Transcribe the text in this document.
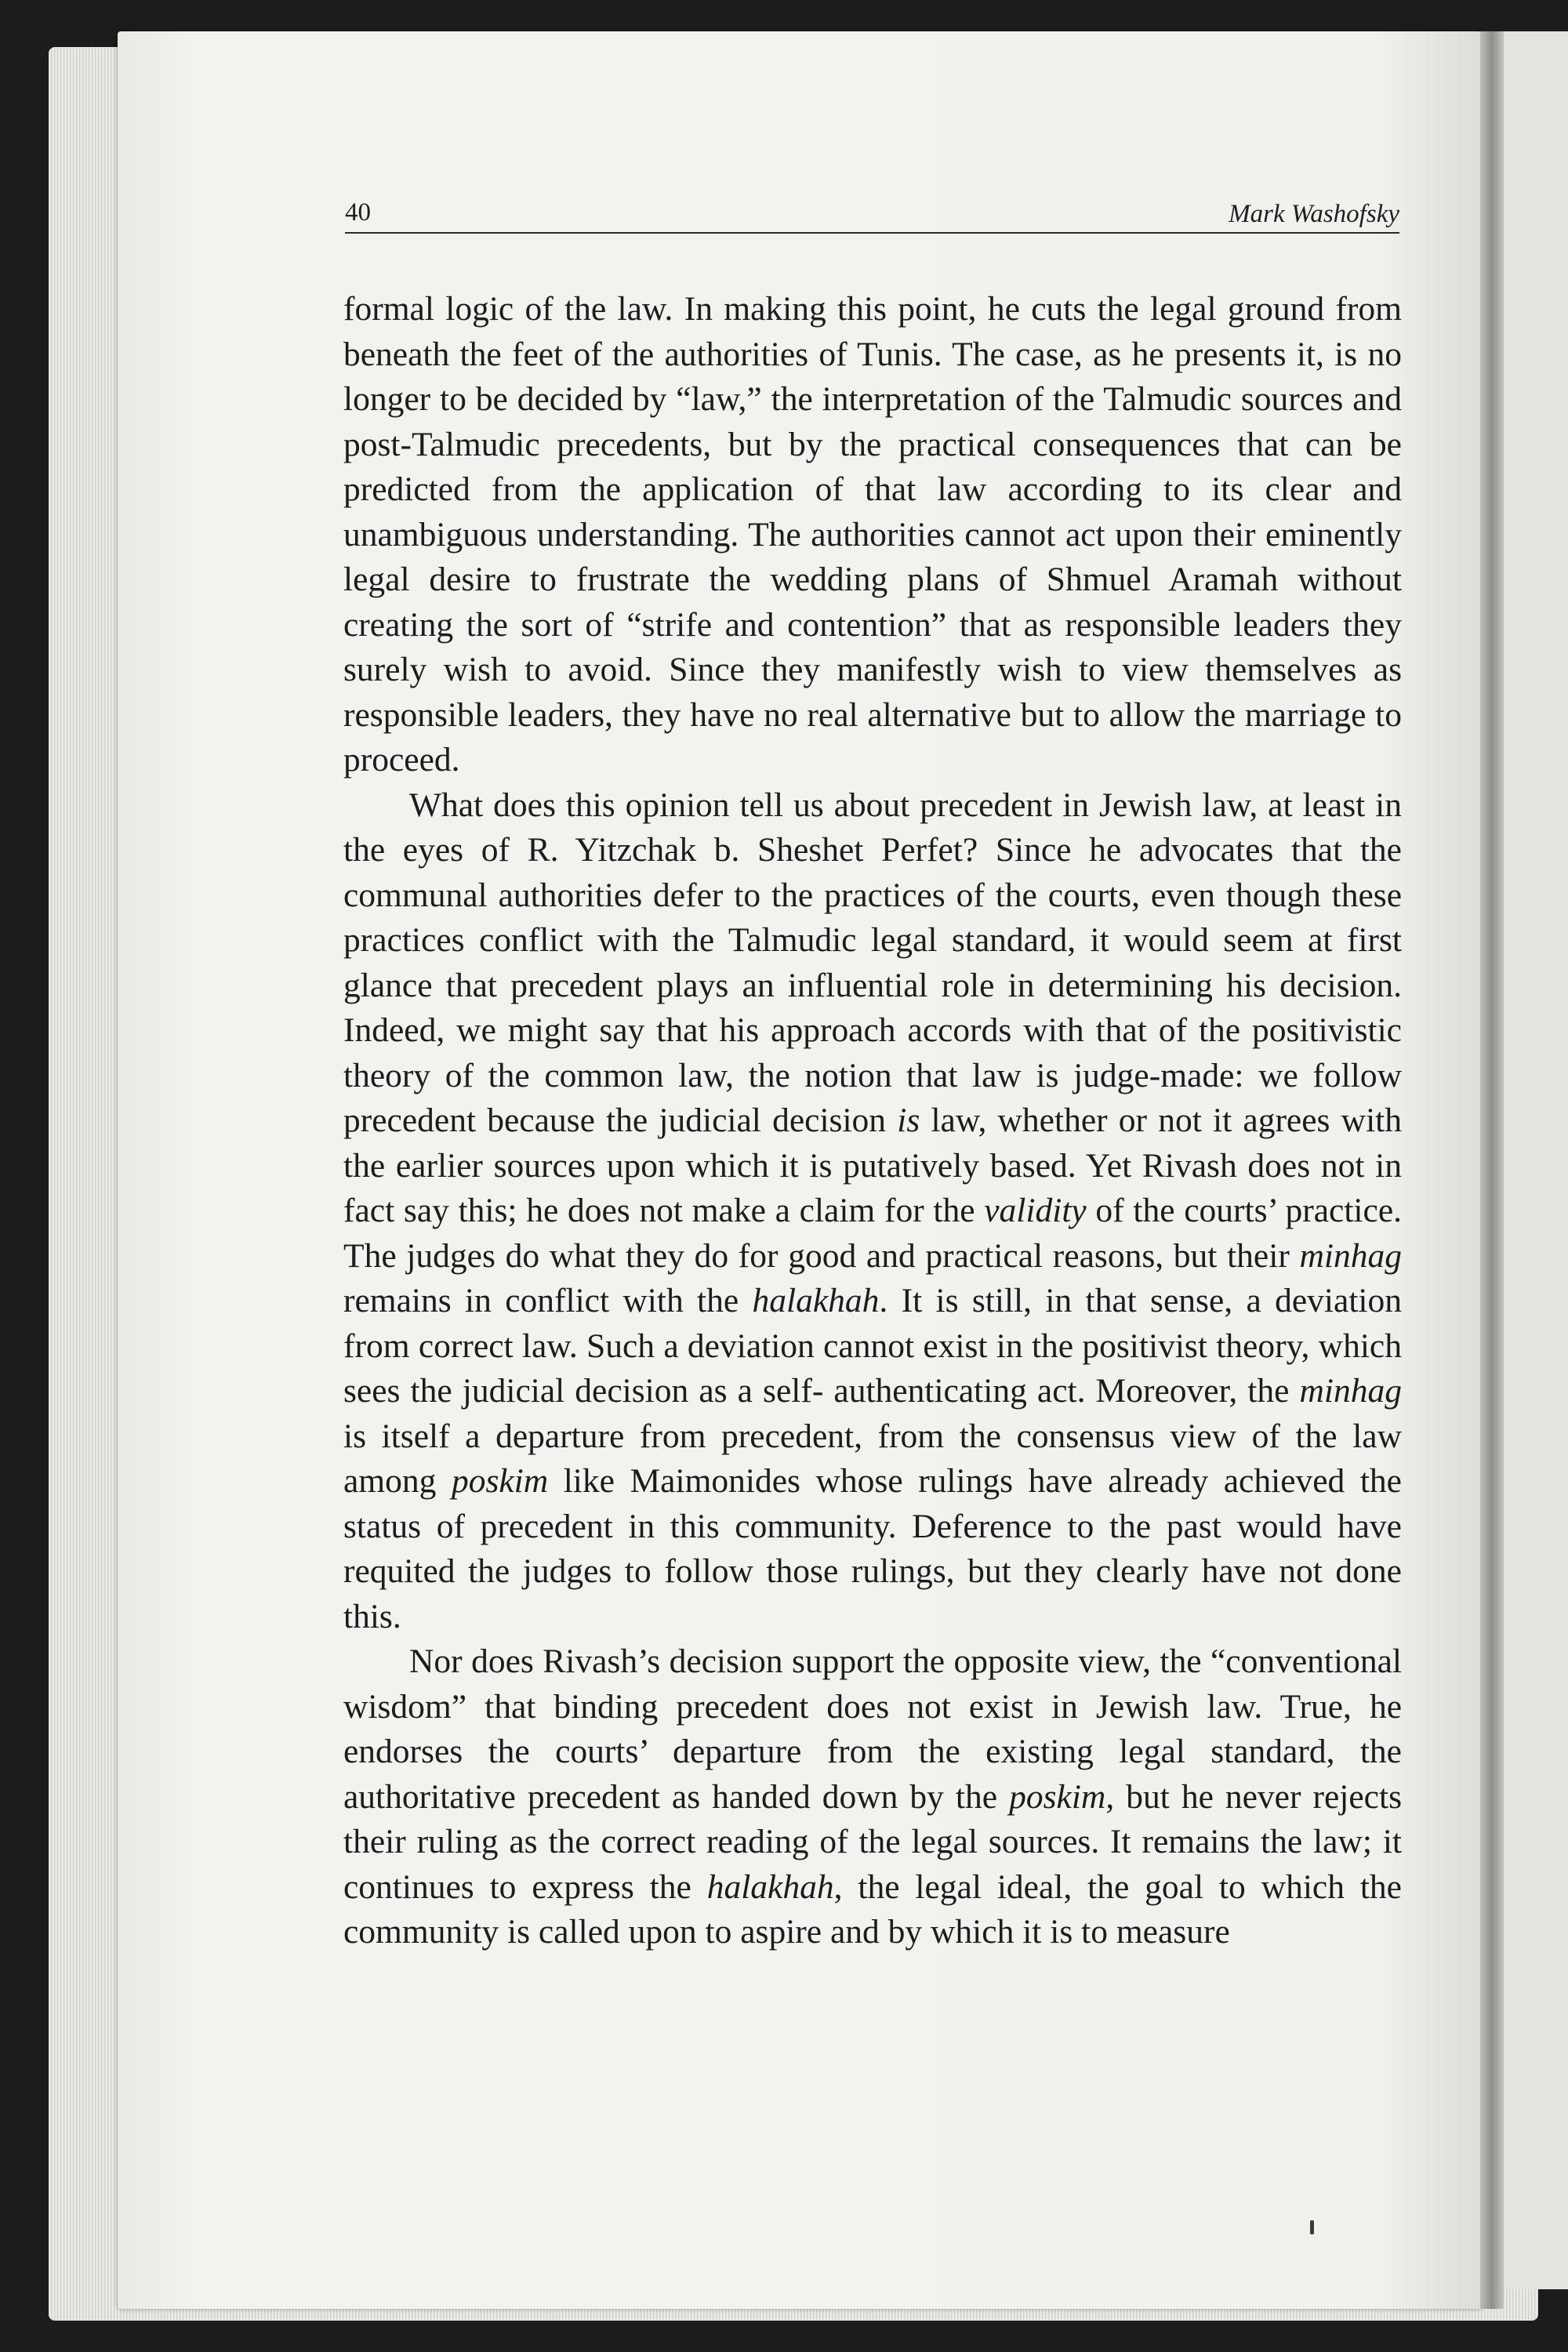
40	Mark Washofsky

formal logic of the law. In making this point, he cuts the legal ground from beneath the feet of the authorities of Tunis. The case, as he presents it, is no longer to be decided by “law,” the interpretation of the Talmudic sources and post-Talmudic precedents, but by the practical consequences that can be predicted from the application of that law according to its clear and unambiguous understanding. The authorities cannot act upon their eminently legal desire to frustrate the wedding plans of Shmuel Aramah without creating the sort of “strife and contention” that as responsible leaders they surely wish to avoid. Since they manifestly wish to view themselves as responsible leaders, they have no real alternative but to allow the marriage to proceed.

What does this opinion tell us about precedent in Jewish law, at least in the eyes of R. Yitzchak b. Sheshet Perfet? Since he advocates that the communal authorities defer to the practices of the courts, even though these practices conflict with the Talmudic legal standard, it would seem at first glance that precedent plays an influential role in determining his decision. Indeed, we might say that his approach accords with that of the positivistic theory of the common law, the notion that law is judge-made: we follow precedent because the judicial decision is law, whether or not it agrees with the earlier sources upon which it is putatively based. Yet Rivash does not in fact say this; he does not make a claim for the validity of the courts’ practice. The judges do what they do for good and practical reasons, but their minhag remains in conflict with the halakhah. It is still, in that sense, a deviation from correct law. Such a deviation cannot exist in the positivist theory, which sees the judicial decision as a self- authenticating act. Moreover, the minhag is itself a departure from precedent, from the consensus view of the law among poskim like Maimonides whose rulings have already achieved the status of precedent in this community. Deference to the past would have requited the judges to follow those rulings, but they clearly have not done this.

Nor does Rivash’s decision support the opposite view, the “conventional wisdom” that binding precedent does not exist in Jewish law. True, he endorses the courts’ departure from the existing legal standard, the authoritative precedent as handed down by the poskim, but he never rejects their ruling as the correct reading of the legal sources. It remains the law; it continues to express the halakhah, the legal ideal, the goal to which the community is called upon to aspire and by which it is to measure
